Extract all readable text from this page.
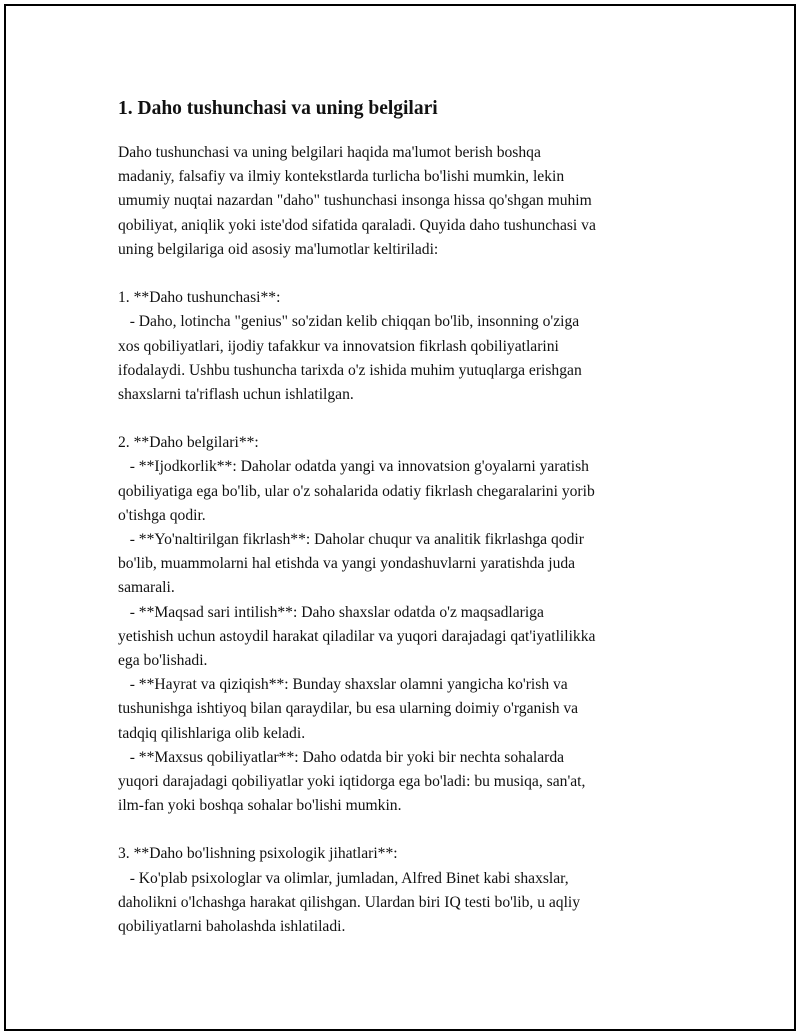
1. Daho tushunchasi va uning belgilari
Daho tushunchasi va uning belgilari haqida ma'lumot berish boshqa
madaniy, falsafiy va ilmiy kontekstlarda turlicha bo'lishi mumkin, lekin
umumiy nuqtai nazardan "daho" tushunchasi insonga hissa qo'shgan muhim
qobiliyat, aniqlik yoki iste'dod sifatida qaraladi. Quyida daho tushunchasi va
uning belgilariga oid asosiy ma'lumotlar keltiriladi:
1. **Daho tushunchasi**:
- Daho, lotincha "genius" so'zidan kelib chiqqan bo'lib, insonning o'ziga
xos qobiliyatlari, ijodiy tafakkur va innovatsion fikrlash qobiliyatlarini
ifodalaydi. Ushbu tushuncha tarixda o'z ishida muhim yutuqlarga erishgan
shaxslarni ta'riflash uchun ishlatilgan.
2. **Daho belgilari**:
- **Ijodkorlik**: Daholar odatda yangi va innovatsion g'oyalarni yaratish
qobiliyatiga ega bo'lib, ular o'z sohalarida odatiy fikrlash chegaralarini yorib
o'tishga qodir.
- **Yo'naltirilgan fikrlash**: Daholar chuqur va analitik fikrlashga qodir
bo'lib, muammolarni hal etishda va yangi yondashuvlarni yaratishda juda
samarali.
- **Maqsad sari intilish**: Daho shaxslar odatda o'z maqsadlariga
yetishish uchun astoydil harakat qiladilar va yuqori darajadagi qat'iyatlilikka
ega bo'lishadi.
- **Hayrat va qiziqish**: Bunday shaxslar olamni yangicha ko'rish va
tushunishga ishtiyoq bilan qaraydilar, bu esa ularning doimiy o'rganish va
tadqiq qilishlariga olib keladi.
- **Maxsus qobiliyatlar**: Daho odatda bir yoki bir nechta sohalarda
yuqori darajadagi qobiliyatlar yoki iqtidorga ega bo'ladi: bu musiqa, san'at,
ilm-fan yoki boshqa sohalar bo'lishi mumkin.
3. **Daho bo'lishning psixologik jihatlari**:
- Ko'plab psixologlar va olimlar, jumladan, Alfred Binet kabi shaxslar,
daholikni o'lchashga harakat qilishgan. Ulardan biri IQ testi bo'lib, u aqliy
qobiliyatlarni baholashda ishlatiladi.
